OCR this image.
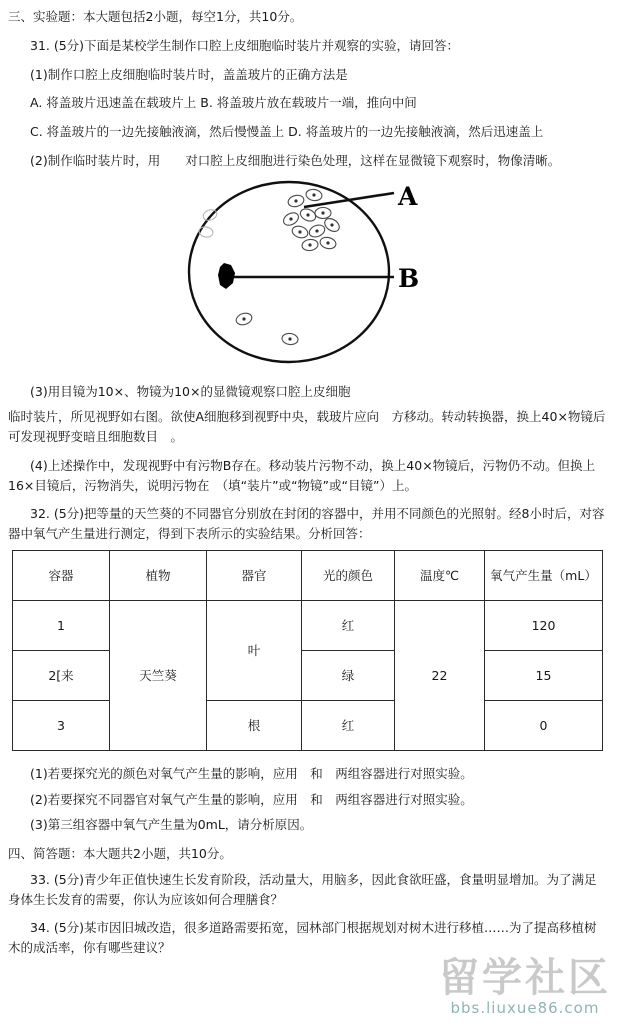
三、实验题：本大题包括2小题，每空1分，共10分。

31. (5分)下面是某校学生制作口腔上皮细胞临时装片并观察的实验，请回答：

(1)制作口腔上皮细胞临时装片时，盖盖玻片的正确方法是

A. 将盖玻片迅速盖在载玻片上 B. 将盖玻片放在载玻片一端，推向中间

C. 将盖玻片的一边先接触液滴，然后慢慢盖上 D. 将盖玻片的一边先接触液滴，然后迅速盖上

(2)制作临时装片时，用　　对口腔上皮细胞进行染色处理，这样在显微镜下观察时，物像清晰。

A
B

(3)用目镜为10×、物镜为10×的显微镜观察口腔上皮细胞

临时装片，所见视野如右图。欲使A细胞移到视野中央，载玻片应向　方移动。转动转换器，换上40×物镜后可发现视野变暗且细胞数目　。

(4)上述操作中，发现视野中有污物B存在。移动装片污物不动，换上40×物镜后，污物仍不动。但换上16×目镜后，污物消失，说明污物在　（填“装片”或“物镜”或“目镜”）上。

32. (5分)把等量的天竺葵的不同器官分别放在封闭的容器中，并用不同颜色的光照射。经8小时后，对容器中氧气产生量进行测定，得到下表所示的实验结果。分析回答：

容器	植物	器官	光的颜色	温度℃	氧气产生量（mL）
1	天竺葵	叶	红	22	120
2[来			绿		15
3		根	红		0

(1)若要探究光的颜色对氧气产生量的影响，应用　和　两组容器进行对照实验。

(2)若要探究不同器官对氧气产生量的影响，应用　和　两组容器进行对照实验。

(3)第三组容器中氧气产生量为0mL，请分析原因。

四、简答题：本大题共2小题，共10分。

33. (5分)青少年正值快速生长发育阶段，活动量大，用脑多，因此食欲旺盛，食量明显增加。为了满足身体生长发育的需要，你认为应该如何合理膳食？

34. (5分)某市因旧城改造，很多道路需要拓宽，园林部门根据规划对树木进行移植……为了提高移植树木的成活率，你有哪些建议？

留学社区
bbs.liuxue86.com
